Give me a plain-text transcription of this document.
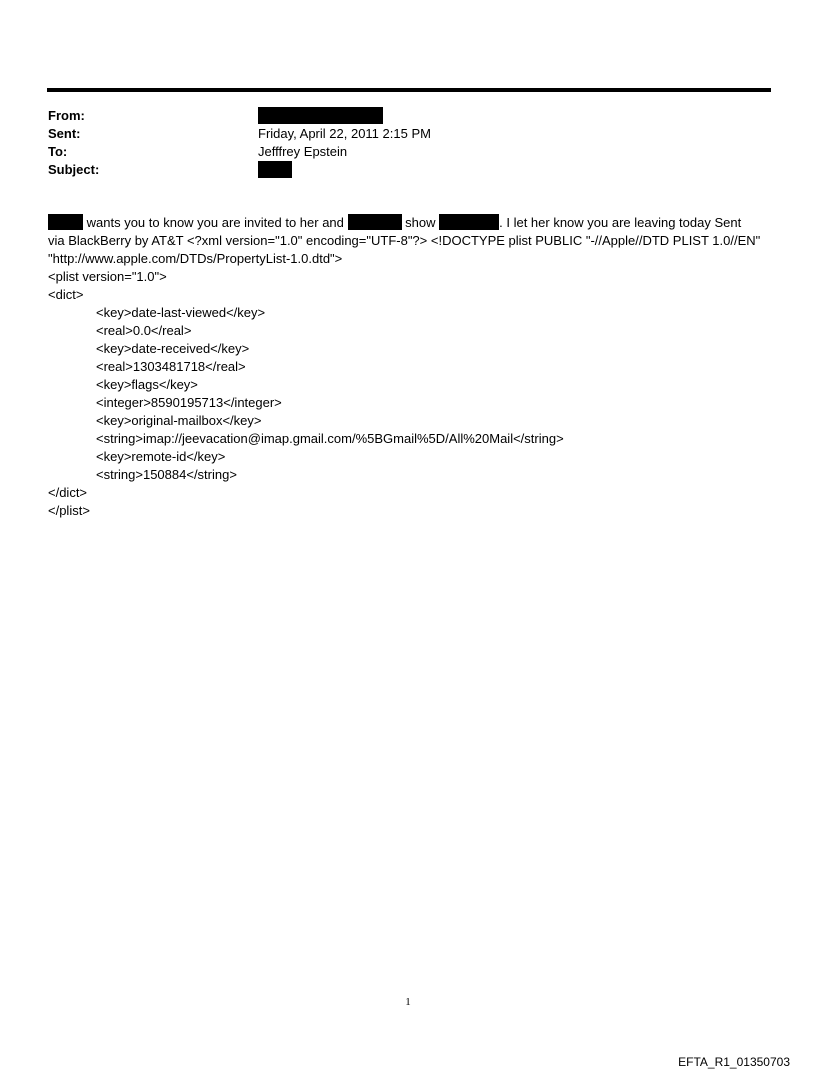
From:
Sent:	Friday, April 22, 2011 2:15 PM
To:	Jefffrey Epstein
Subject:
wants you to know you are invited to her and	show	. I let her know you are leaving today Sent
via BlackBerry by AT&T <?xml version="1.0" encoding="UTF-8"?> <!DOCTYPE plist PUBLIC "-//Apple//DTD PLIST 1.0//EN"
"http://www.apple.com/DTDs/PropertyList-1.0.dtd">
<plist version="1.0">
<dict>
<key>date-last-viewed</key>
<real>0.0</real>
<key>date-received</key>
<real>1303481718</real>
<key>flags</key>
<integer>8590195713</integer>
<key>original-mailbox</key>
<string>imap://jeevacation@imap.gmail.com/%5BGmail%5D/All%20Mail</string>
<key>remote-id</key>
<string>150884</string>
</dict>
</plist>
1
EFTA_R1_01350703
